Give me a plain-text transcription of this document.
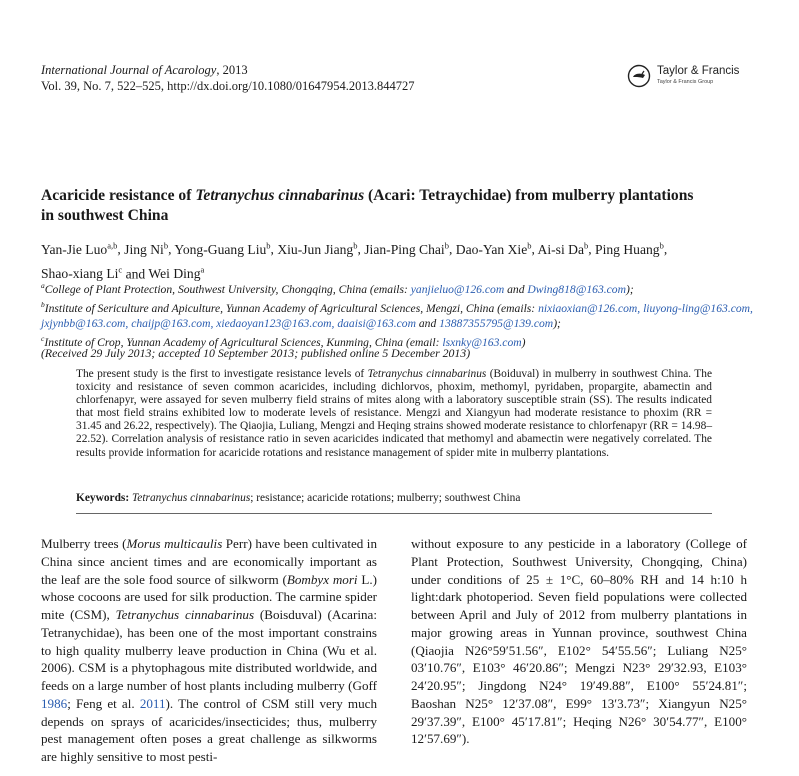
International Journal of Acarology, 2013
Vol. 39, No. 7, 522–525, http://dx.doi.org/10.1080/01647954.2013.844727
Taylor & Francis
Taylor & Francis Group
Acaricide resistance of Tetranychus cinnabarinus (Acari: Tetraychidae) from mulberry plantations in southwest China
Yan-Jie Luo$^{a,b}$, Jing Ni$^b$, Yong-Guang Liu$^b$, Xiu-Jun Jiang$^b$, Jian-Ping Chai$^b$, Dao-Yan Xie$^b$, Ai-si Da$^b$, Ping Huang$^b$,
Shao-xiang Li$^c$ and Wei Ding$^a$
$^a$College of Plant Protection, Southwest University, Chongqing, China (emails: yanjieluo@126.com and Dwing818@163.com);
$^b$Institute of Sericulture and Apiculture, Yunnan Academy of Agricultural Sciences, Mengzi, China (emails: nixiaoxian@126.com, liuyong-ling@163.com, jxjynbb@163.com, chaijp@163.com, xiedaoyan123@163.com, daaisi@163.com and 13887355795@139.com);
$^c$Institute of Crop, Yunnan Academy of Agricultural Sciences, Kunming, China (email: lsxnky@163.com)
(Received 29 July 2013; accepted 10 September 2013; published online 5 December 2013)

The present study is the first to investigate resistance levels of Tetranychus cinnabarinus (Boiduval) in mulberry in southwest China. The toxicity and resistance of seven common acaricides, including dichlorvos, phoxim, methomyl, pyridaben, propargite, abamectin and chlorfenapyr, were assayed for seven mulberry field strains of mites along with a laboratory susceptible strain (SS). The results indicated that most field strains exhibited low to moderate levels of resistance. Mengzi and Xiangyun had moderate resistance to phoxim (RR = 31.45 and 26.22, respectively). The Qiaojia, Luliang, Mengzi and Heqing strains showed moderate resistance to chlorfenapyr (RR = 14.98–22.52). Correlation analysis of resistance ratio in seven acaricides indicated that methomyl and abamectin were negatively correlated. The results provide information for acaricide rotations and resistance management of spider mite in mulberry plantations.

Keywords: Tetranychus cinnabarinus; resistance; acaricide rotations; mulberry; southwest China

Mulberry trees (Morus multicaulis Perr) have been cultivated in China since ancient times and are economically important as the leaf are the sole food source of silkworm (Bombyx mori L.) whose cocoons are used for silk production. The carmine spider mite (CSM), Tetranychus cinnabarinus (Boisduval) (Acarina: Tetranychidae), has been one of the most important constrains to high quality mulberry leave production in China (Wu et al. 2006). CSM is a phytophagous mite distributed worldwide, and feeds on a large number of host plants including mulberry (Goff 1986; Feng et al. 2011). The control of CSM still very much depends on sprays of acaricides/insecticides; thus, mulberry pest management often poses a great challenge as silkworms are highly sensitive to most pesti-

without exposure to any pesticide in a laboratory (College of Plant Protection, Southwest University, Chongqing, China) under conditions of 25 ± 1°C, 60–80% RH and 14 h:10 h light:dark photoperiod. Seven field populations were collected between April and July of 2012 from mulberry plantations in major growing areas in Yunnan province, southwest China (Qiaojia N26°59′51.56″, E102° 54′55.56″; Luliang N25° 03′10.76″, E103° 46′20.86″; Mengzi N23° 29′32.93, E103° 24′20.95″; Jingdong N24° 19′49.88″, E100° 55′24.81″; Baoshan N25° 12′37.08″, E99° 13′3.73″; Xiangyun N25° 29′37.39″, E100° 45′17.81″; Heqing N26° 30′54.77″, E100° 12′57.69″).
